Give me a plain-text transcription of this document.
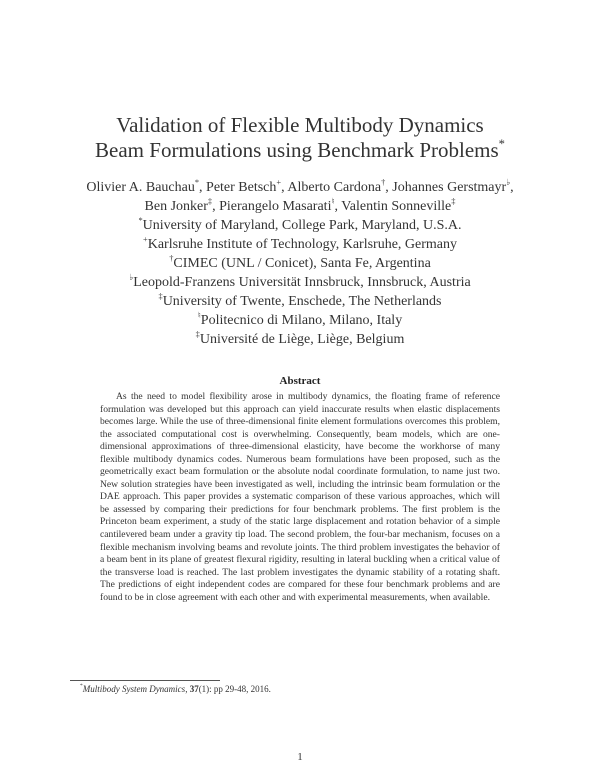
Validation of Flexible Multibody Dynamics
Beam Formulations using Benchmark Problems*
Olivier A. Bauchau*, Peter Betsch+, Alberto Cardona†, Johannes Gerstmayr♭,
Ben Jonker‡, Pierangelo Masarati♮, Valentin Sonneville‡
*University of Maryland, College Park, Maryland, U.S.A.
+Karlsruhe Institute of Technology, Karlsruhe, Germany
†CIMEC (UNL / Conicet), Santa Fe, Argentina
♭Leopold-Franzens Universität Innsbruck, Innsbruck, Austria
‡University of Twente, Enschede, The Netherlands
♮Politecnico di Milano, Milano, Italy
‡Université de Liège, Liège, Belgium
Abstract

As the need to model flexibility arose in multibody dynamics, the floating frame of reference formulation was developed but this approach can yield inaccurate results when elastic displacements becomes large. While the use of three-dimensional finite element formulations overcomes this problem, the associated computational cost is overwhelming. Consequently, beam models, which are one-dimensional approximations of three-dimensional elasticity, have become the workhorse of many flexible multibody dynamics codes. Numerous beam formulations have been proposed, such as the geometrically exact beam formulation or the absolute nodal coordinate formulation, to name just two. New solution strategies have been investigated as well, including the intrinsic beam formulation or the DAE approach. This paper provides a systematic comparison of these various approaches, which will be assessed by comparing their predictions for four benchmark problems. The first problem is the Princeton beam experiment, a study of the static large displacement and rotation behavior of a simple cantilevered beam under a gravity tip load. The second problem, the four-bar mechanism, focuses on a flexible mechanism involving beams and revolute joints. The third problem investigates the behavior of a beam bent in its plane of greatest flexural rigidity, resulting in lateral buckling when a critical value of the transverse load is reached. The last problem investigates the dynamic stability of a rotating shaft. The predictions of eight independent codes are compared for these four benchmark problems and are found to be in close agreement with each other and with experimental measurements, when available.

*Multibody System Dynamics, 37(1): pp 29-48, 2016.
1
